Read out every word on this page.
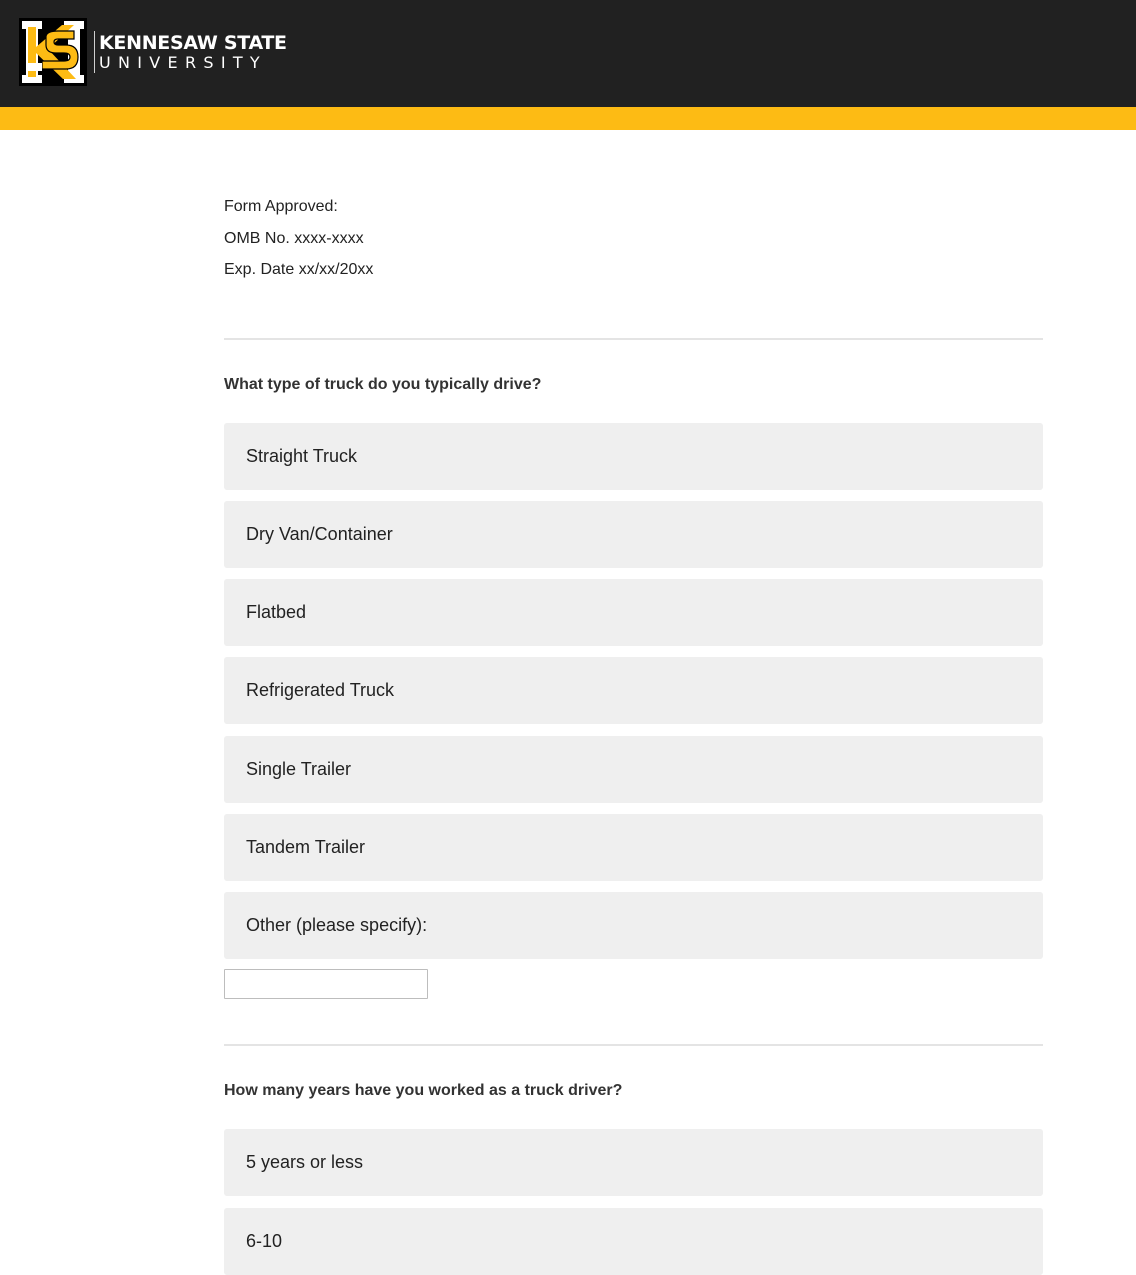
KENNESAW STATE
UNIVERSITY
Form Approved:
OMB No. xxxx-xxxx
Exp. Date xx/xx/20xx
What type of truck do you typically drive?
Straight Truck
Dry Van/Container
Flatbed
Refrigerated Truck
Single Trailer
Tandem Trailer
Other (please specify):
How many years have you worked as a truck driver?
5 years or less
6-10
